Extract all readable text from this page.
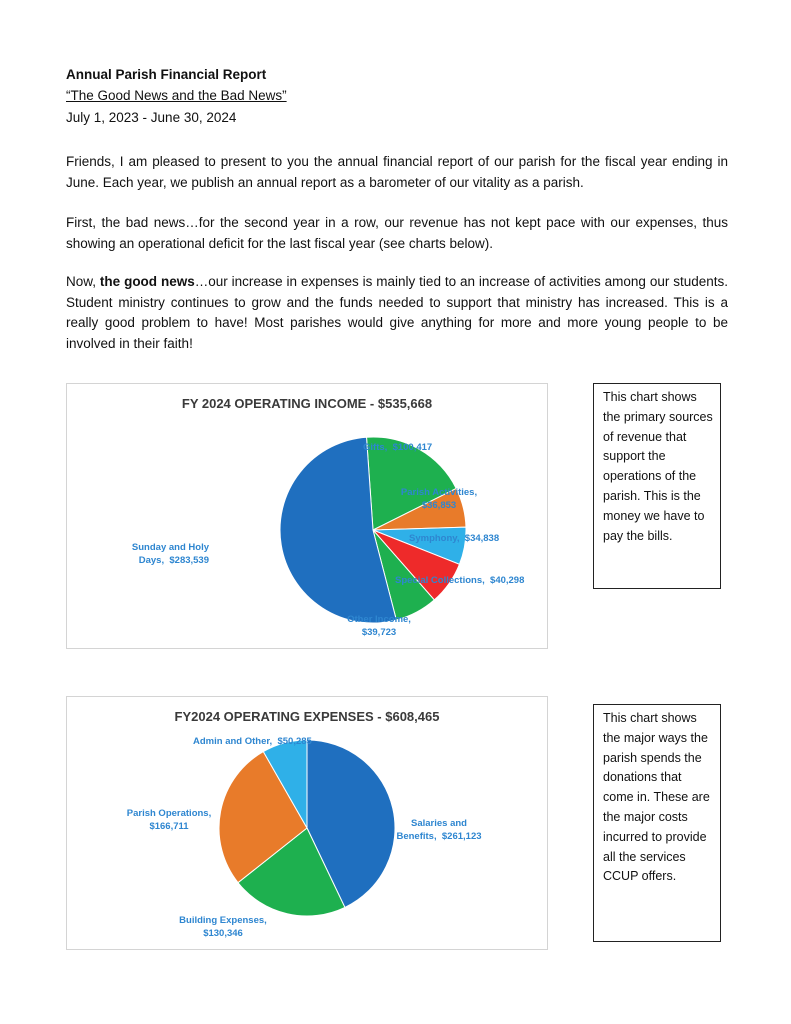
Annual Parish Financial Report
“The Good News and the Bad News”
July 1, 2023 - June 30, 2024

Friends, I am pleased to present to you the annual financial report of our parish for the fiscal year ending in June. Each year, we publish an annual report as a barometer of our vitality as a parish.

First, the bad news…for the second year in a row, our revenue has not kept pace with our expenses, thus showing an operational deficit for the last fiscal year (see charts below).

Now, the good news…our increase in expenses is mainly tied to an increase of activities among our students. Student ministry continues to grow and the funds needed to support that ministry has increased. This is a really good problem to have! Most parishes would give anything for more and more young people to be involved in their faith!

FY 2024 OPERATING INCOME - $535,668
Sunday and Holy
Days, $283,539
Gifts, $100,417
Parish Activities,
$36,853
Symphony, $34,838
Special Collections, $40,298
Other Income,
$39,723
FY2024 OPERATING EXPENSES - $608,465
Salaries and
Benefits, $261,123
Building Expenses,
$130,346
Parish Operations,
$166,711
Admin and Other, $50,285
This chart shows the primary sources of revenue that support the operations of the parish. This is the money we have to pay the bills.
This chart shows the major ways the parish spends the donations that come in. These are the major costs incurred to provide all the services CCUP offers.
